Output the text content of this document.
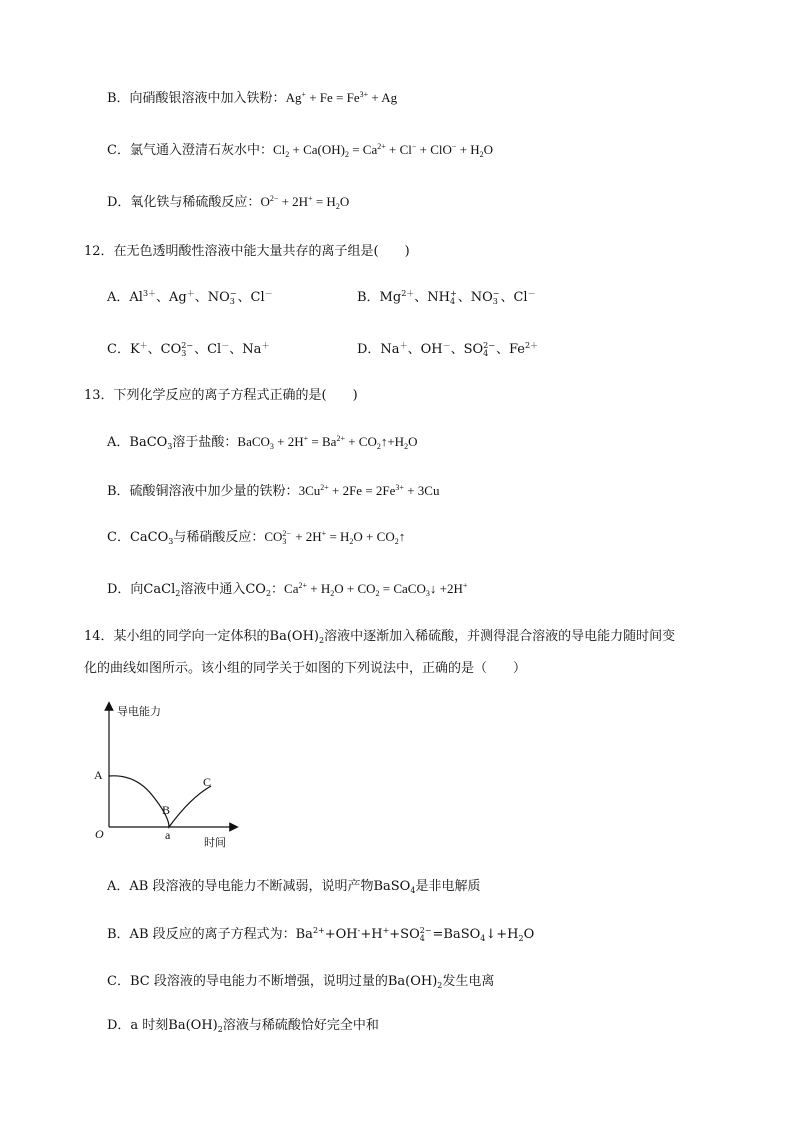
B．向硝酸银溶液中加入铁粉：$Ag^+ + Fe = Fe^{3+} + Ag$
C．氯气通入澄清石灰水中：$Cl_2 + Ca(OH)_2 = Ca^{2+} + Cl^- + ClO^- + H_2O$
D．氧化铁与稀硫酸反应：$O^{2-} + 2H^+ = H_2O$
12．在无色透明酸性溶液中能大量共存的离子组是(　　)
A．$Al^{3+}$、Ag＋、NO −
3 、Cl－	B．$Mg^{2+}$、NH +
4 、NO −
3 、Cl－
C．K＋、CO 2−
3 、Cl－、Na＋	D．Na＋、OH－、SO 2−
4 、$Fe^{2+}$
13．下列化学反应的离子方程式正确的是(　　)
A．BaCO$_3$溶于盐酸：BaCO$_3$ + $2H^+ = Ba^{2+}$ + $CO_2↑+H_2O$
B．硫酸铜溶液中加少量的铁粉：$3Cu^{2+} + 2Fe = 2Fe^{3+} + 3Cu$
C．CaCO$_3$与稀硝酸反应：CO 2−
$3 + 2H^+ = H_2O$ + $CO_2↑$
D．向CaCl$_2$溶液中通入$CO_2$：$Ca^{2+} + H_2O + CO_2$ = CaCO$_3$↓ +2H+
14．某小组的同学向一定体积的$Ba(OH)_2$溶液中逐渐加入稀硫酸，并测得混合溶液的导电能力随时间变
化的曲线如图所示。该小组的同学关于如图的下列说法中，正确的是（　　）
导电能力
时间
O
A
B
C
a
A．AB 段溶液的导电能力不断减弱，说明产物BaSO$_4$是非电解质
B．AB 段反应的离子方程式为：$Ba^{2+}+OH^-+H^++SO$ 2−
$4 =BaSO_4↓+H_2O$
C．BC 段溶液的导电能力不断增强，说明过量的$Ba(OH)_2$发生电离
D．a 时刻$Ba(OH)_2$溶液与稀硫酸恰好完全中和
